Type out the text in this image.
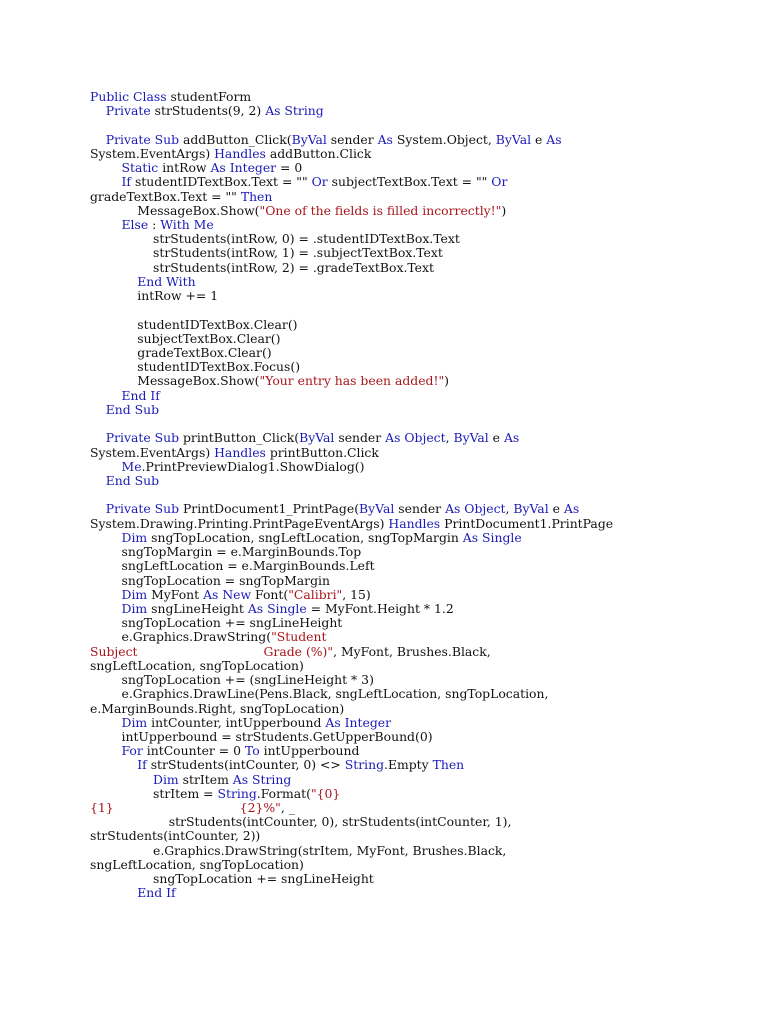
Public Class studentForm
Private strStudents(9, 2) As String
Private Sub addButton_Click(ByVal sender As System.Object, ByVal e As
System.EventArgs) Handles addButton.Click
Static intRow As Integer = 0
If studentIDTextBox.Text = "" Or subjectTextBox.Text = "" Or
gradeTextBox.Text = "" Then
MessageBox.Show("One of the fields is filled incorrectly!")
Else : With Me
strStudents(intRow, 0) = .studentIDTextBox.Text
strStudents(intRow, 1) = .subjectTextBox.Text
strStudents(intRow, 2) = .gradeTextBox.Text
End With
intRow += 1
studentIDTextBox.Clear()
subjectTextBox.Clear()
gradeTextBox.Clear()
studentIDTextBox.Focus()
MessageBox.Show("Your entry has been added!")
End If
End Sub
Private Sub printButton_Click(ByVal sender As Object, ByVal e As
System.EventArgs) Handles printButton.Click
Me.PrintPreviewDialog1.ShowDialog()
End Sub
Private Sub PrintDocument1_PrintPage(ByVal sender As Object, ByVal e As
System.Drawing.Printing.PrintPageEventArgs) Handles PrintDocument1.PrintPage
Dim sngTopLocation, sngLeftLocation, sngTopMargin As Single
sngTopMargin = e.MarginBounds.Top
sngLeftLocation = e.MarginBounds.Left
sngTopLocation = sngTopMargin
Dim MyFont As New Font("Calibri", 15)
Dim sngLineHeight As Single = MyFont.Height * 1.2
sngTopLocation += sngLineHeight
e.Graphics.DrawString("Student
Subject                                Grade (%)", MyFont, Brushes.Black,
sngLeftLocation, sngTopLocation)
sngTopLocation += (sngLineHeight * 3)
e.Graphics.DrawLine(Pens.Black, sngLeftLocation, sngTopLocation,
e.MarginBounds.Right, sngTopLocation)
Dim intCounter, intUpperbound As Integer
intUpperbound = strStudents.GetUpperBound(0)
For intCounter = 0 To intUpperbound
If strStudents(intCounter, 0) <> String.Empty Then
Dim strItem As String
strItem = String.Format("{0}
{1}                                {2}%", _
strStudents(intCounter, 0), strStudents(intCounter, 1),
strStudents(intCounter, 2))
e.Graphics.DrawString(strItem, MyFont, Brushes.Black,
sngLeftLocation, sngTopLocation)
sngTopLocation += sngLineHeight
End If
